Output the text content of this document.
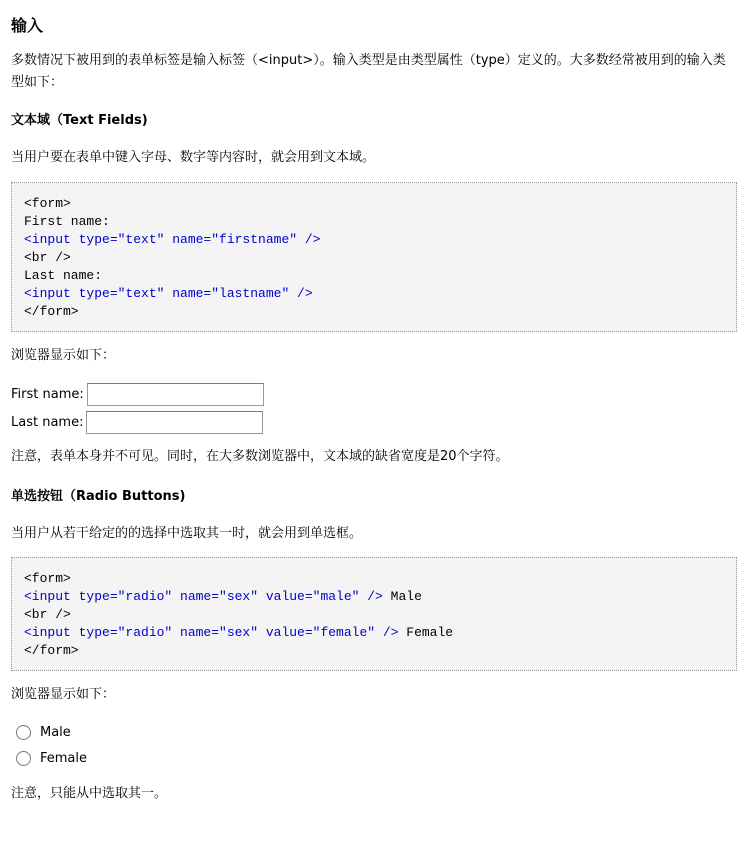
输入

多数情况下被用到的表单标签是输入标签（<input>）。输入类型是由类型属性（type）定义的。大多数经常被用到的输入类型如下：

文本域（Text Fields)

当用户要在表单中键入字母、数字等内容时，就会用到文本域。

<form>
First name:
<input type="text" name="firstname" />
<br />
Last name:
<input type="text" name="lastname" />
</form>

浏览器显示如下：

First name:
Last name:

注意，表单本身并不可见。同时，在大多数浏览器中，文本域的缺省宽度是20个字符。

单选按钮（Radio Buttons)

当用户从若干给定的的选择中选取其一时，就会用到单选框。

<form>
<input type="radio" name="sex" value="male" /> Male
<br />
<input type="radio" name="sex" value="female" /> Female
</form>

浏览器显示如下：

Male
Female

注意，只能从中选取其一。
